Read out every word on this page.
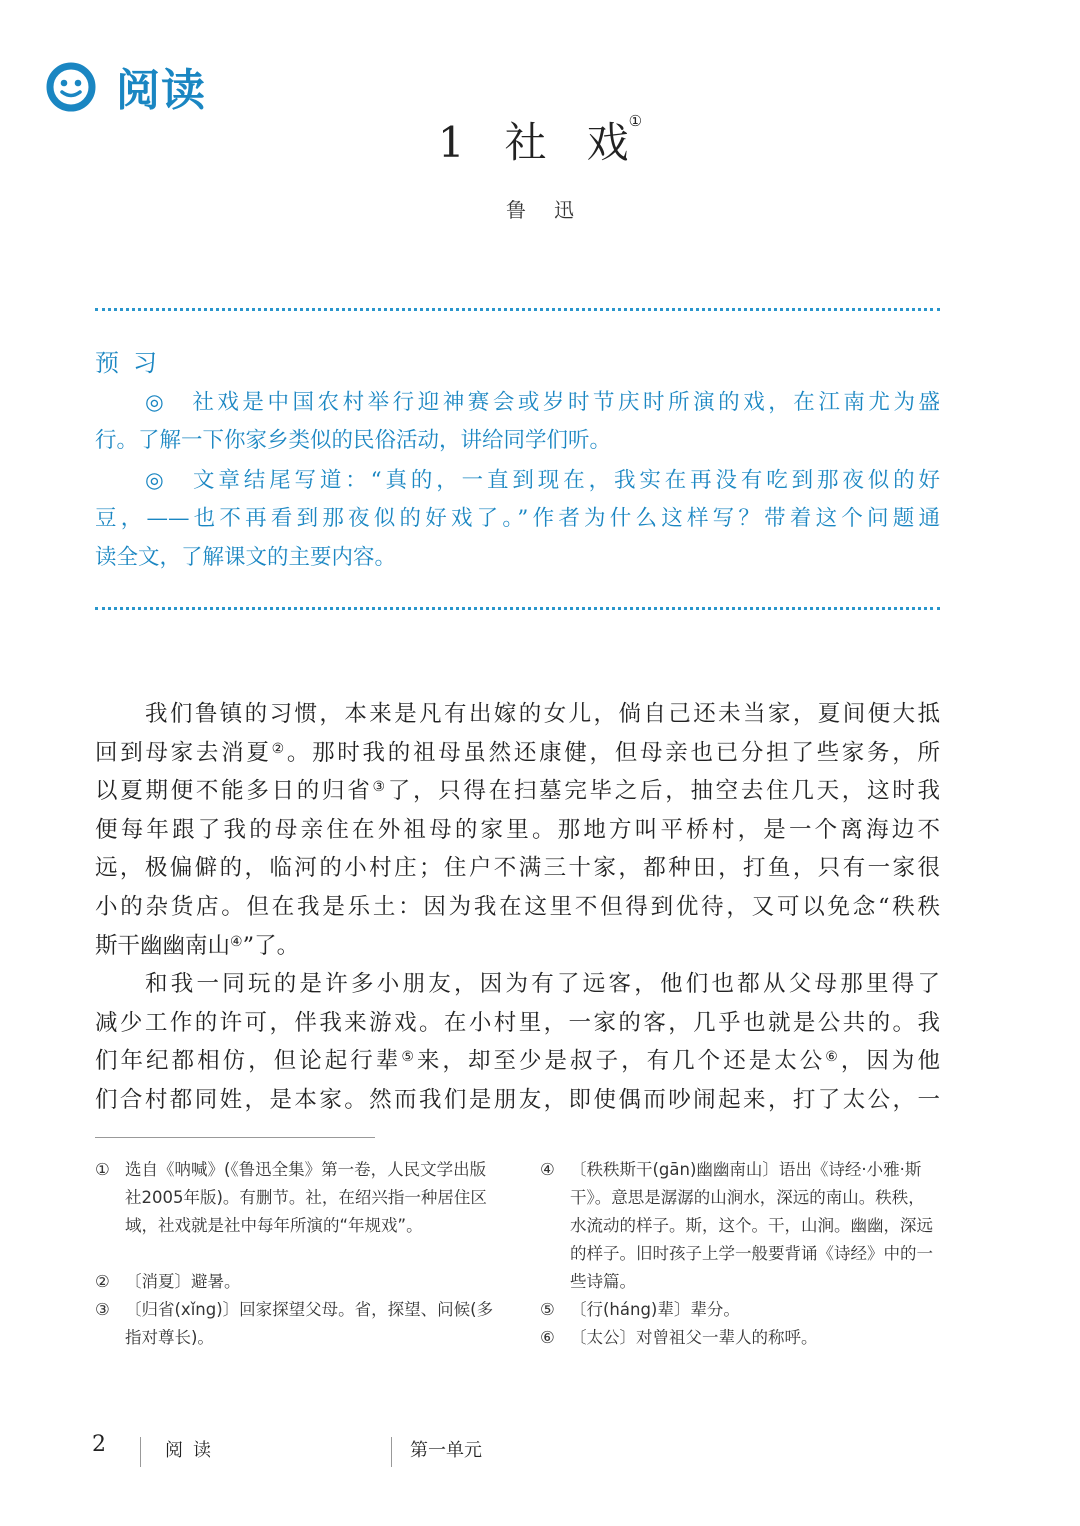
阅读
1 社 戏①
鲁迅
预习
◎　社戏是中国农村举行迎神赛会或岁时节庆时所演的戏，在江南尤为盛
行。了解一下你家乡类似的民俗活动，讲给同学们听。
◎　文章结尾写道：“真的，一直到现在，我实在再没有吃到那夜似的好
豆，——也不再看到那夜似的好戏了。”作者为什么这样写？带着这个问题通
读全文，了解课文的主要内容。
我们鲁镇的习惯，本来是凡有出嫁的女儿，倘自己还未当家，夏间便大抵
回到母家去消夏②。那时我的祖母虽然还康健，但母亲也已分担了些家务，所
以夏期便不能多日的归省③了，只得在扫墓完毕之后，抽空去住几天，这时我
便每年跟了我的母亲住在外祖母的家里。那地方叫平桥村，是一个离海边不
远，极偏僻的，临河的小村庄；住户不满三十家，都种田，打鱼，只有一家很
小的杂货店。但在我是乐土：因为我在这里不但得到优待，又可以免念“秩秩
斯干幽幽南山④”了。
和我一同玩的是许多小朋友，因为有了远客，他们也都从父母那里得了
减少工作的许可，伴我来游戏。在小村里，一家的客，几乎也就是公共的。我
们年纪都相仿，但论起行辈⑤来，却至少是叔子，有几个还是太公⑥，因为他
们合村都同姓，是本家。然而我们是朋友，即使偶而吵闹起来，打了太公，一
① 选自《呐喊》(《鲁迅全集》第一卷，人民文学出版社2005年版)。有删节。社，在绍兴指一种居住区域，社戏就是社中每年所演的“年规戏”。
② 〔消夏〕避暑。
③ 〔归省(xǐng)〕回家探望父母。省，探望、问候(多指对尊长)。
④ 〔秩秩斯干(gān)幽幽南山〕语出《诗经·小雅·斯干》。意思是潺潺的山涧水，深远的南山。秩秩，水流动的样子。斯，这个。干，山涧。幽幽，深远的样子。旧时孩子上学一般要背诵《诗经》中的一些诗篇。
⑤ 〔行(háng)辈〕辈分。
⑥ 〔太公〕对曾祖父一辈人的称呼。
2	阅读	第一单元
